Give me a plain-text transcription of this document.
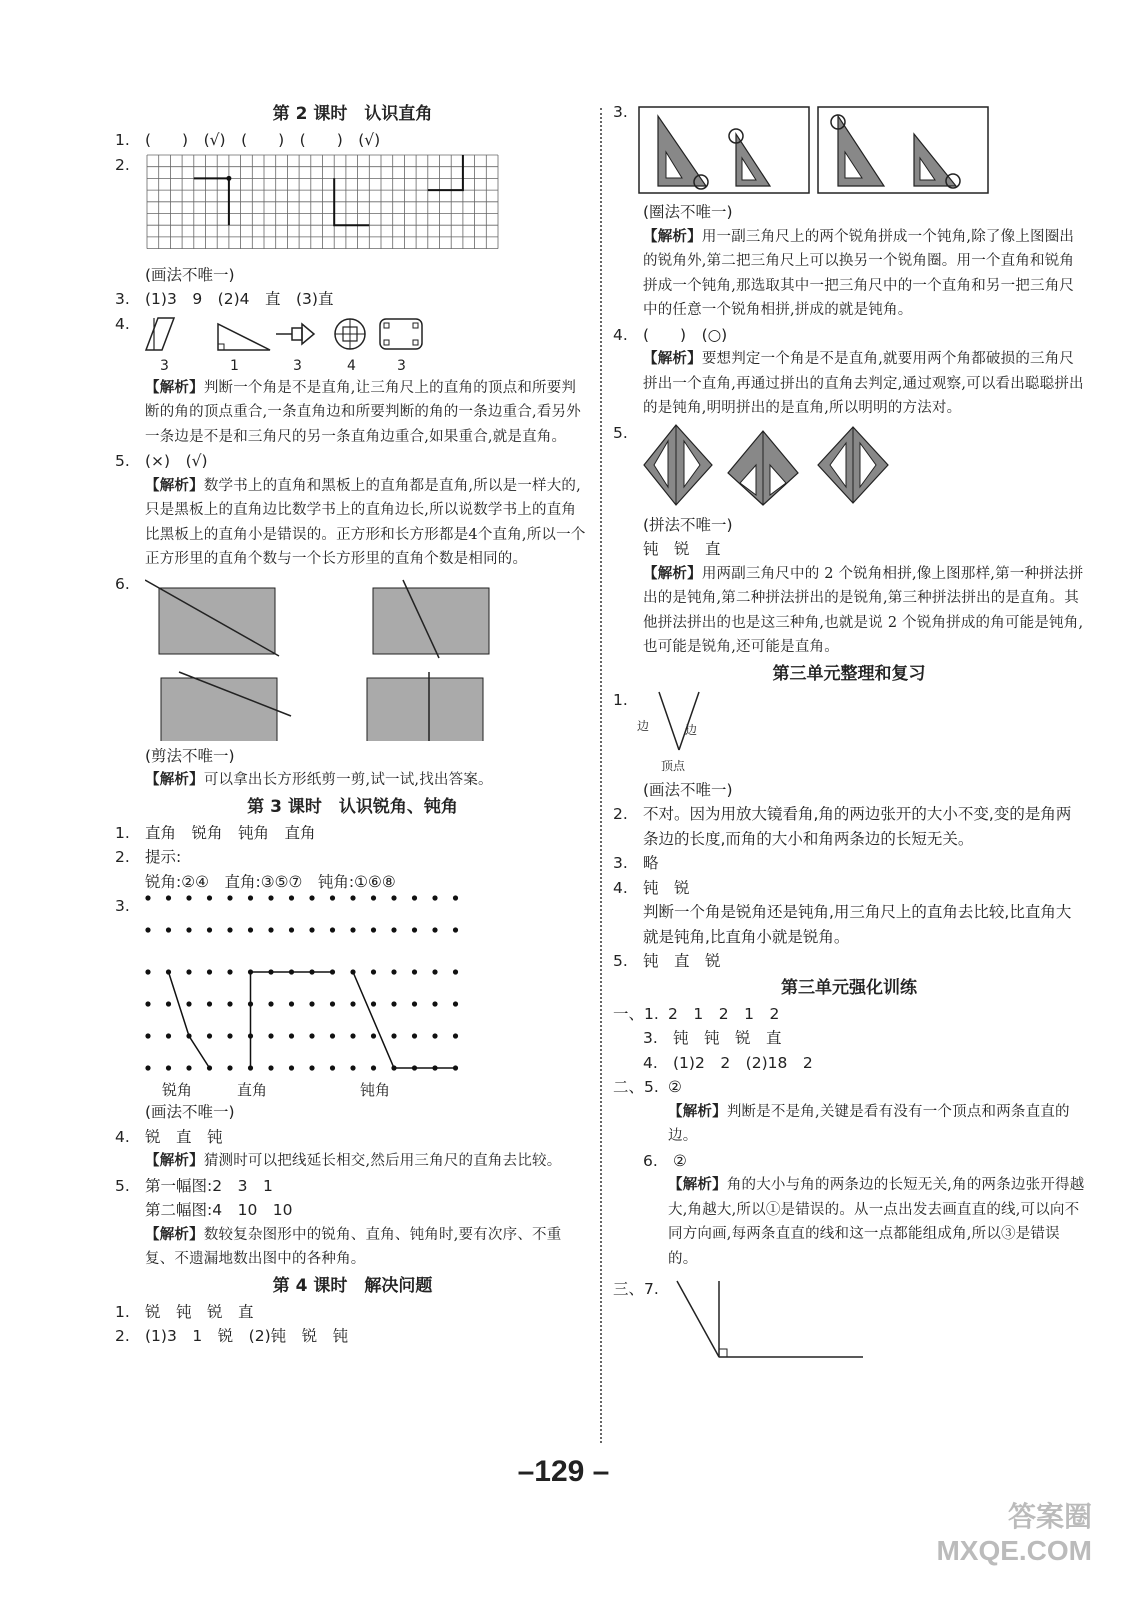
第 2 课时　认识直角
1. (　　)　(√)　(　　)　(　　)　(√)
2.
(画法不唯一)
3. (1)3　9　(2)4　直　(3)直
4.
3	1	3	4	3
【解析】判断一个角是不是直角,让三角尺上的直角的顶点和所要判断的角的顶点重合,一条直角边和所要判断的角的一条边重合,看另外一条边是不是和三角尺的另一条直角边重合,如果重合,就是直角。
5. (×)　(√)
【解析】数学书上的直角和黑板上的直角都是直角,所以是一样大的,只是黑板上的直角边比数学书上的直角边长,所以说数学书上的直角比黑板上的直角小是错误的。正方形和长方形都是4个直角,所以一个正方形里的直角个数与一个长方形里的直角个数是相同的。
6.
(剪法不唯一)
【解析】可以拿出长方形纸剪一剪,试一试,找出答案。
第 3 课时　认识锐角、钝角
1. 直角　锐角　钝角　直角
2. 提示:
锐角:②④　直角:③⑤⑦　钝角:①⑥⑧
3.
锐角	直角	钝角
(画法不唯一)
4. 锐　直　钝
【解析】猜测时可以把线延长相交,然后用三角尺的直角去比较。
5. 第一幅图:2　3　1
第二幅图:4　10　10
【解析】数较复杂图形中的锐角、直角、钝角时,要有次序、不重复、不遗漏地数出图中的各种角。
第 4 课时　解决问题
1. 锐　钝　锐　直
2. (1)3　1　锐　(2)钝　锐　钝
3.
(圈法不唯一)
【解析】用一副三角尺上的两个锐角拼成一个钝角,除了像上图圈出的锐角外,第二把三角尺上可以换另一个锐角圈。用一个直角和锐角拼成一个钝角,那选取其中一把三角尺中的一个直角和另一把三角尺中的任意一个锐角相拼,拼成的就是钝角。
4. (　　)　(○)
【解析】要想判定一个角是不是直角,就要用两个角都破损的三角尺拼出一个直角,再通过拼出的直角去判定,通过观察,可以看出聪聪拼出的是钝角,明明拼出的是直角,所以明明的方法对。
5.
(拼法不唯一)
钝　锐　直
【解析】用两副三角尺中的 2 个锐角相拼,像上图那样,第一种拼法拼出的是钝角,第二种拼法拼出的是锐角,第三种拼法拼出的是直角。其他拼法拼出的也是这三种角,也就是说 2 个锐角拼成的角可能是钝角,也可能是锐角,还可能是直角。
第三单元整理和复习
1.
边	边
顶点
(画法不唯一)
2. 不对。因为用放大镜看角,角的两边张开的大小不变,变的是角两条边的长度,而角的大小和角两条边的长短无关。
3. 略
4. 钝　锐
判断一个角是锐角还是钝角,用三角尺上的直角去比较,比直角大就是钝角,比直角小就是锐角。
5. 钝　直　锐
第三单元强化训练
一、1. 2　1　2　1　2
3. 钝　钝　锐　直
4. (1)2　2　(2)18　2
二、5. ②
【解析】判断是不是角,关键是看有没有一个顶点和两条直直的边。
6. ②
【解析】角的大小与角的两条边的长短无关,角的两条边张开得越大,角越大,所以①是错误的。从一点出发去画直直的线,可以向不同方向画,每两条直直的线和这一点都能组成角,所以③是错误的。
三、7.
–129 –
答案圈
MXQE.COM
